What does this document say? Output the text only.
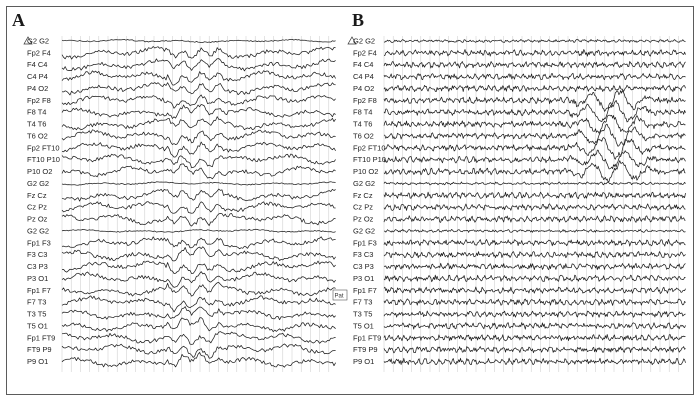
A
G2 G2
Fp2 F4
F4 C4
C4 P4
P4 O2
Fp2 F8
F8 T4
T4 T6
T6 O2
Fp2 FT10
FT10 P10
P10 O2
G2 G2
Fz Cz
Cz Pz
Pz Oz
G2 G2
Fp1 F3
F3 C3
C3 P3
P3 O1
Fp1 F7
F7 T3
T3 T5
T5 O1
Fp1 FT9
FT9 P9
P9 O1
Pat
B
G2 G2
Fp2 F4
F4 C4
C4 P4
P4 O2
Fp2 F8
F8 T4
T4 T6
T6 O2
Fp2 FT10
FT10 P10
P10 O2
G2 G2
Fz Cz
Cz Pz
Pz Oz
G2 G2
Fp1 F3
F3 C3
C3 P3
P3 O1
Fp1 F7
F7 T3
T3 T5
T5 O1
Fp1 FT9
FT9 P9
P9 O1
